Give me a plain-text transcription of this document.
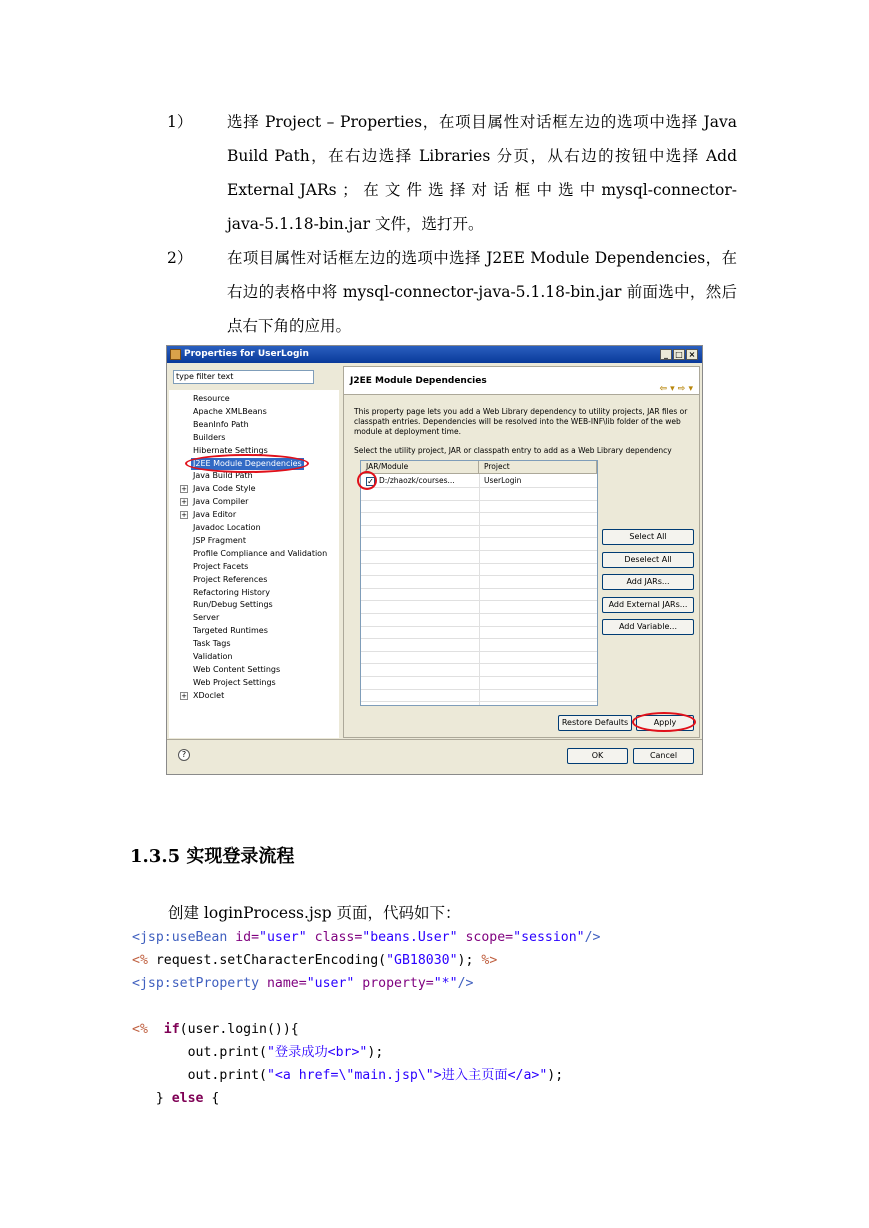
1） 选择 Project – Properties，在项目属性对话框左边的选项中选择 Java Build Path，在右边选择 Libraries 分页，从右边的按钮中选择 Add External JARs ； 在 文 件 选 择 对 话 框 中 选 中 mysql-connector-java-5.1.18-bin.jar 文件，选打开。
2） 在项目属性对话框左边的选项中选择 J2EE Module Dependencies，在右边的表格中将 mysql-connector-java-5.1.18-bin.jar 前面选中，然后点右下角的应用。
Properties for UserLogin	_ □ ×
type filter text
Resource
Apache XMLBeans
BeanInfo Path
Builders
Hibernate Settings
J2EE Module Dependencies
Java Build Path
+ Java Code Style
+ Java Compiler
+ Java Editor
Javadoc Location
JSP Fragment
Profile Compliance and Validation
Project Facets
Project References
Refactoring History
Run/Debug Settings
Server
Targeted Runtimes
Task Tags
Validation
Web Content Settings
Web Project Settings
+ XDoclet
J2EE Module Dependencies
⇦ ▾ ⇨ ▾
This property page lets you add a Web Library dependency to utility projects, JAR files or classpath entries. Dependencies will be resolved into the WEB-INF\lib folder of the web module at deployment time.
Select the utility project, JAR or classpath entry to add as a Web Library dependency
JAR/Module	Project
✓ D:/zhaozk/courses...	UserLogin
Select All
Deselect All
Add JARs...
Add External JARs...
Add Variable...
Restore Defaults	Apply
?	OK	Cancel
1.3.5 实现登录流程
创建 loginProcess.jsp 页面，代码如下：
<jsp:useBean id="user" class="beans.User" scope="session"/>
<% request.setCharacterEncoding("GB18030"); %>
<jsp:setProperty name="user" property="*"/>
<%  if(user.login()){
out.print("登录成功<br>");
out.print("<a href=\"main.jsp\">进入主页面</a>");
} else {
